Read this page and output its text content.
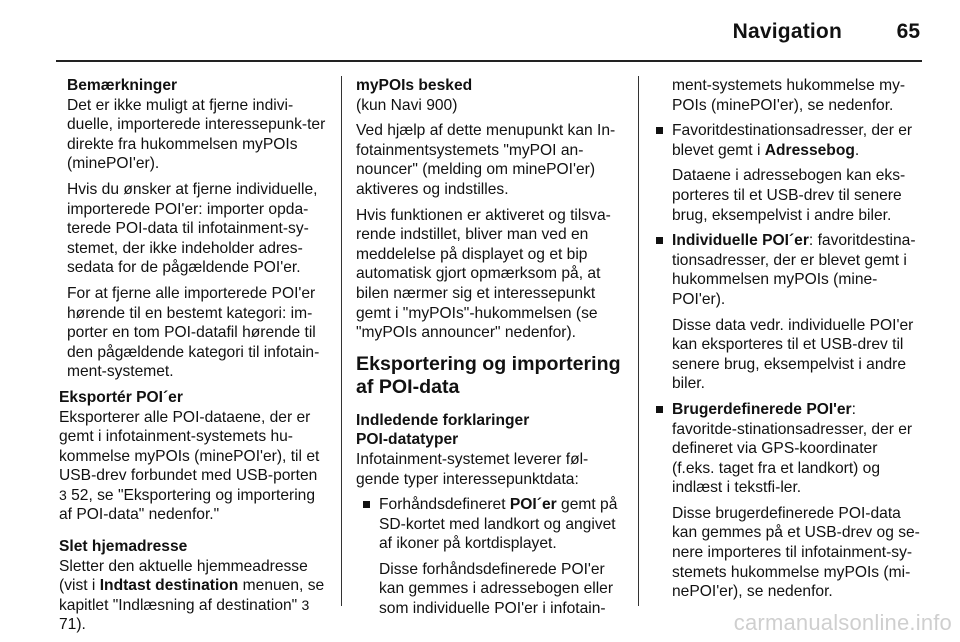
Navigation	65

Bemærkninger

Det er ikke muligt at fjerne indivi-duelle, importerede interessepunk-ter direkte fra hukommelsen myPOIs (minePOI'er).

Hvis du ønsker at fjerne individuelle, importerede POI'er: importer opda-terede POI-data til infotainment-sy-stemet, der ikke indeholder adres-sedata for de pågældende POI'er.

For at fjerne alle importerede POI'er hørende til en bestemt kategori: im-porter en tom POI-datafil hørende til den pågældende kategori til infotain-ment-systemet.

Eksportér POI´er

Eksporterer alle POI-dataene, der er gemt i infotainment-systemets hu-kommelse myPOIs (minePOI'er), til et USB-drev forbundet med USB-porten 3 52, se "Eksportering og importering af POI-data" nedenfor."

Slet hjemadresse

Sletter den aktuelle hjemmeadresse (vist i Indtast destination menuen, se kapitlet "Indlæsning af destination" 3 71).

myPOIs besked

(kun Navi 900)

Ved hjælp af dette menupunkt kan In-fotainmentsystemets "myPOI an-nouncer" (melding om minePOI'er) aktiveres og indstilles.

Hvis funktionen er aktiveret og tilsva-rende indstillet, bliver man ved en meddelelse på displayet og et bip automatisk gjort opmærksom på, at bilen nærmer sig et interessepunkt gemt i "myPOIs"-hukommelsen (se "myPOIs announcer" nedenfor).

Eksportering og importering af POI-data

Indledende forklaringer

POI-datatyper

Infotainment-systemet leverer føl-gende typer interessepunktdata:

Forhåndsdefineret POI´er gemt på SD-kortet med landkort og angivet af ikoner på kortdisplayet.

Disse forhåndsdefinerede POI'er kan gemmes i adressebogen eller som individuelle POI'er i infotain-

ment-systemets hukommelse my-POIs (minePOI'er), se nedenfor.

Favoritdestinationsadresser, der er blevet gemt i Adressebog.

Dataene i adressebogen kan eks-porteres til et USB-drev til senere brug, eksempelvist i andre biler.

Individuelle POI´er: favoritdestina-tionsadresser, der er blevet gemt i hukommelsen myPOIs (mine-POI'er).

Disse data vedr. individuelle POI'er kan eksporteres til et USB-drev til senere brug, eksempelvist i andre biler.

Brugerdefinerede POI'er: favoritde-stinationsadresser, der er defineret via GPS-koordinater (f.eks. taget fra et landkort) og indlæst i tekstfi-ler.

Disse brugerdefinerede POI-data kan gemmes på et USB-drev og se-nere importeres til infotainment-sy-stemets hukommelse myPOIs (mi-nePOI'er), se nedenfor.

carmanualsonline.info
